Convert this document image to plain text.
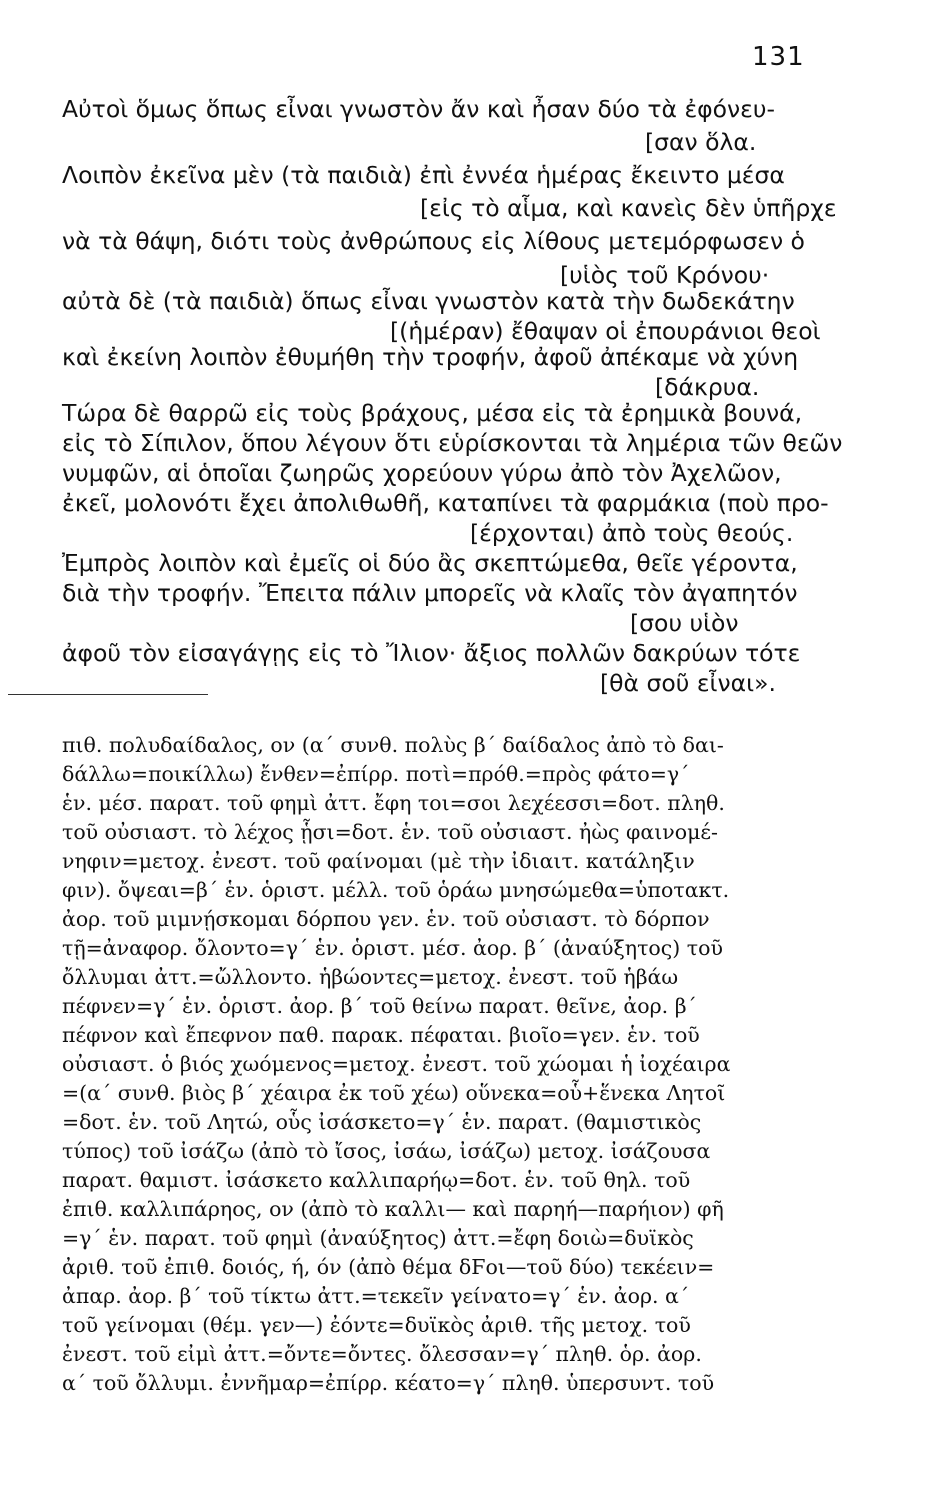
131
Αὐτοὶ ὅμως ὅπως εἶναι γνωστὸν ἄν καὶ ἦσαν δύο τὰ ἐφόνευ-
[σαν ὅλα.
Λοιπὸν ἐκεῖνα μὲν (τὰ παιδιὰ) ἐπὶ ἐννέα ἡμέρας ἔκειντο μέσα
[εἰς τὸ αἷμα, καὶ κανεὶς δὲν ὑπῆρχε
νὰ τὰ θάψη, διότι τοὺς ἀνθρώπους εἰς λίθους μετεμόρφωσεν ὁ
[υἱὸς τοῦ Κρόνου·
αὐτὰ δὲ (τὰ παιδιὰ) ὅπως εἶναι γνωστὸν κατὰ τὴν δωδεκάτην
[(ἡμέραν) ἔθαψαν οἱ ἐπουράνιοι θεοὶ
καὶ ἐκείνη λοιπὸν ἐθυμήθη τὴν τροφήν, ἀφοῦ ἀπέκαμε νὰ χύνη
[δάκρυα.
Τώρα δὲ θαρρῶ εἰς τοὺς βράχους, μέσα εἰς τὰ ἐρημικὰ βουνά,
εἰς τὸ Σίπιλον, ὅπου λέγουν ὅτι εὑρίσκονται τὰ λημέρια τῶν θεῶν
νυμφῶν, αἱ ὁποῖαι ζωηρῶς χορεύουν γύρω ἀπὸ τὸν Ἀχελῶον,
ἐκεῖ, μολονότι ἔχει ἀπολιθωθῆ, καταπίνει τὰ φαρμάκια (ποὺ προ-
[έρχονται) ἀπὸ τοὺς θεούς.
Ἐμπρὸς λοιπὸν καὶ ἐμεῖς οἱ δύο ἂς σκεπτώμεθα, θεῖε γέροντα,
διὰ τὴν τροφήν. Ἔπειτα πάλιν μπορεῖς νὰ κλαῖς τὸν ἀγαπητόν
[σου υἱὸν
ἀφοῦ τὸν εἰσαγάγῃς εἰς τὸ Ἴλιον· ἄξιος πολλῶν δακρύων τότε
[θὰ σοῦ εἶναι».
πιθ. πολυδαίδαλος, ον (α΄ συνθ. πολὺς β΄ δαίδαλος ἀπὸ τὸ δαι-
δάλλω=ποικίλλω) ἔνθεν=ἐπίρρ. ποτὶ=πρόθ.=πρὸς φάτο=γ΄
ἑν. μέσ. παρατ. τοῦ φημὶ ἀττ. ἔφη τοι=σοι λεχέεσσι=δοτ. πληθ.
τοῦ οὐσιαστ. τὸ λέχος ᾗσι=δοτ. ἑν. τοῦ οὐσιαστ. ἠὼς φαινομέ-
νηφιν=μετοχ. ἐνεστ. τοῦ φαίνομαι (μὲ τὴν ἰδιαιτ. κατάληξιν
φιν). ὄψεαι=β΄ ἑν. ὁριστ. μέλλ. τοῦ ὁράω μνησώμεθα=ὑποτακτ.
ἀορ. τοῦ μιμνῄσκομαι δόρπου γεν. ἑν. τοῦ οὐσιαστ. τὸ δόρπον
τῇ=ἀναφορ. ὄλοντο=γ΄ ἑν. ὁριστ. μέσ. ἀορ. β΄ (ἀναύξητος) τοῦ
ὄλλυμαι ἀττ.=ὤλλοντο. ἡβώοντες=μετοχ. ἐνεστ. τοῦ ἡβάω
πέφνεν=γ΄ ἑν. ὁριστ. ἀορ. β΄ τοῦ θείνω παρατ. θεῖνε, ἀορ. β΄
πέφνον καὶ ἔπεφνον παθ. παρακ. πέφαται. βιοῖο=γεν. ἑν. τοῦ
οὐσιαστ. ὁ βιός χωόμενος=μετοχ. ἐνεστ. τοῦ χώομαι ἡ ἰοχέαιρα
=(α΄ συνθ. βιὸς β΄ χέαιρα ἐκ τοῦ χέω) οὕνεκα=οὗ+ἕνεκα Λητοῖ
=δοτ. ἑν. τοῦ Λητώ, οὗς ἰσάσκετο=γ΄ ἑν. παρατ. (θαμιστικὸς
τύπος) τοῦ ἰσάζω (ἀπὸ τὸ ἴσος, ἰσάω, ἰσάζω) μετοχ. ἰσάζουσα
παρατ. θαμιστ. ἰσάσκετο καλλιπαρήῳ=δοτ. ἑν. τοῦ θηλ. τοῦ
ἐπιθ. καλλιπάρηος, ον (ἀπὸ τὸ καλλι— καὶ παρηή—παρήιον) φῆ
=γ΄ ἑν. παρατ. τοῦ φημὶ (ἀναύξητος) ἀττ.=ἔφη δοιὼ=δυϊκὸς
ἀριθ. τοῦ ἐπιθ. δοιός, ή, όν (ἀπὸ θέμα δϜοι—τοῦ δύο) τεκέειν=
ἀπαρ. ἀορ. β΄ τοῦ τίκτω ἀττ.=τεκεῖν γείνατο=γ΄ ἑν. ἀορ. α΄
τοῦ γείνομαι (θέμ. γεν—) ἐόντε=δυϊκὸς ἀριθ. τῆς μετοχ. τοῦ
ἐνεστ. τοῦ εἰμὶ ἀττ.=ὄντε=ὄντες. ὄλεσσαν=γ΄ πληθ. ὁρ. ἀορ.
α΄ τοῦ ὄλλυμι. ἐννῆμαρ=ἐπίρρ. κέατο=γ΄ πληθ. ὑπερσυντ. τοῦ
